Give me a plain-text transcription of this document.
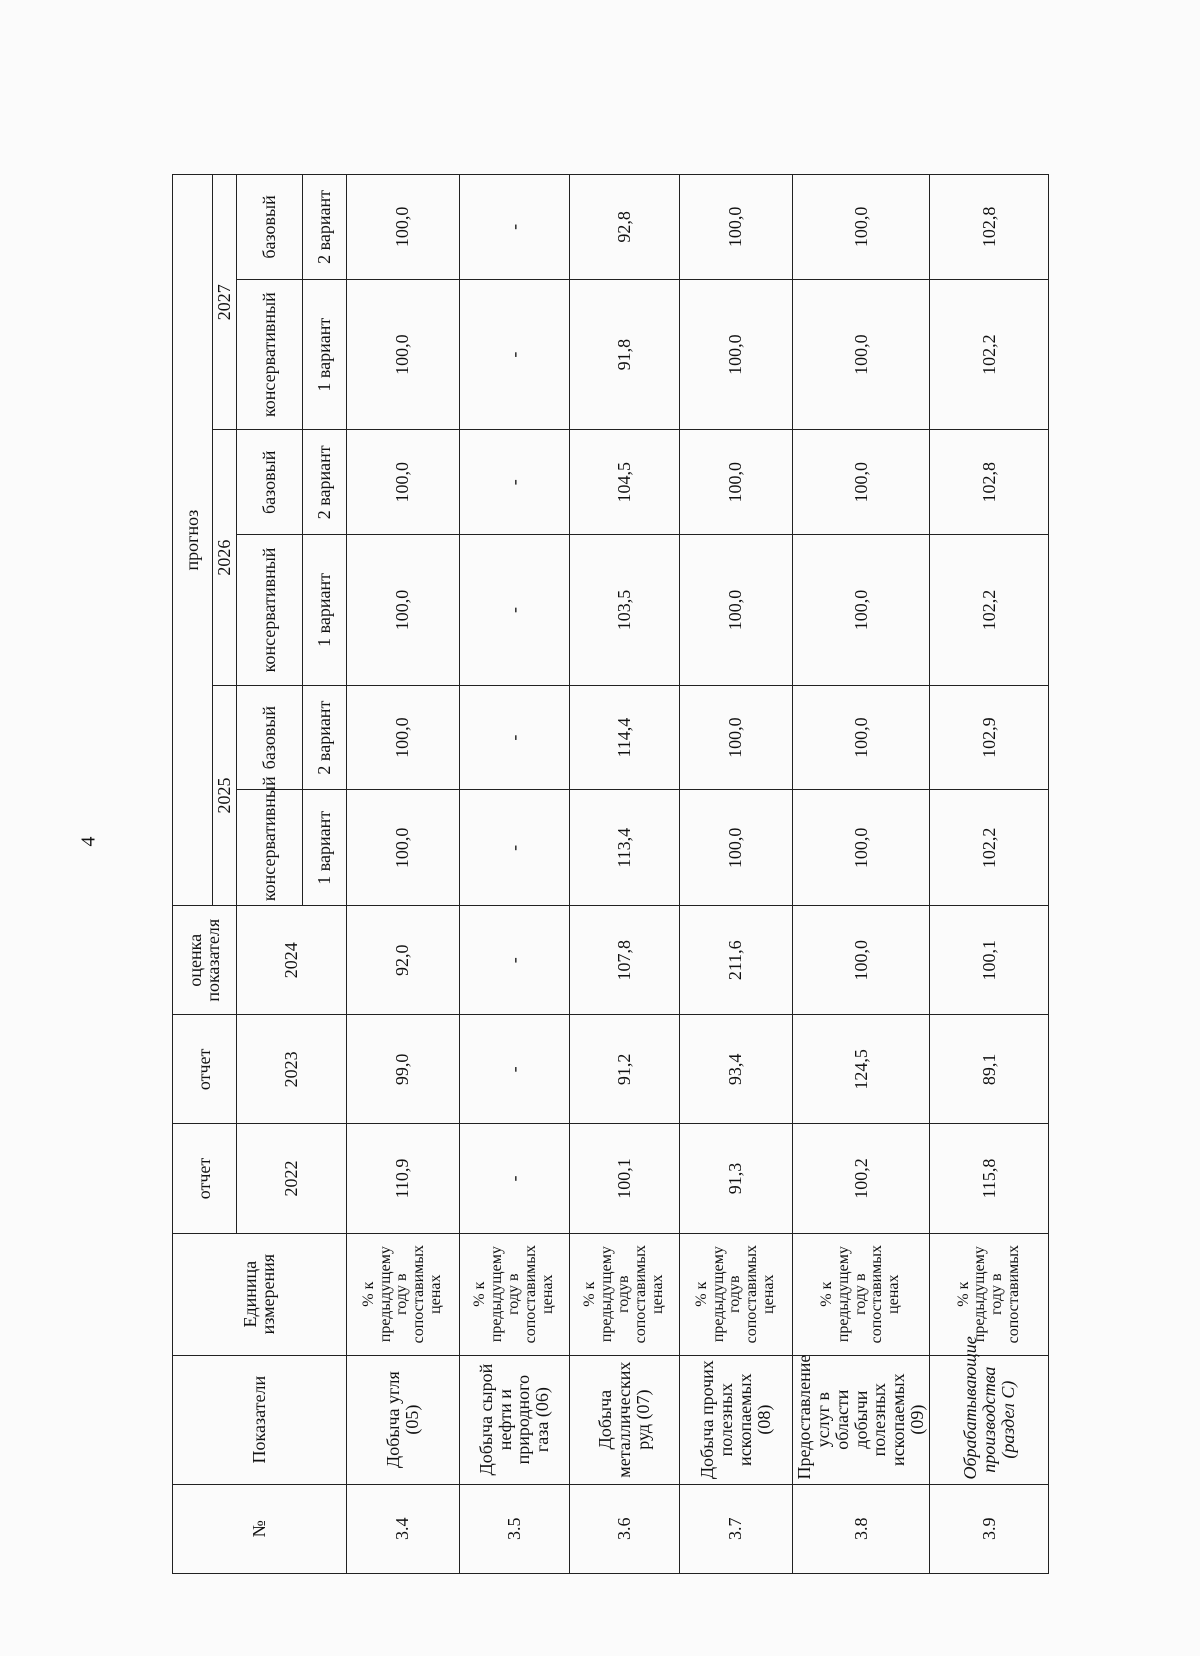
4
№	Показатели	Единица измерения	отчет	отчет	оценка показателя	прогноз					
						2025		2026		2027	
			2022	2023	2024	консервативный	базовый	консервативный	базовый	консервативный	базовый
						1 вариант	2 вариант	1 вариант	2 вариант	1 вариант	2 вариант
3.4	Добыча угля (05)	% к предыдущему году в сопоставимых ценах	110,9	99,0	92,0	100,0	100,0	100,0	100,0	100,0	100,0
3.5	Добыча сырой нефти и природного газа (06)	% к предыдущему году в сопоставимых ценах	-	-	-	-	-	-	-	-	-
3.6	Добыча металлических руд (07)	% к предыдущему годув сопоставимых ценах	100,1	91,2	107,8	113,4	114,4	103,5	104,5	91,8	92,8
3.7	Добыча прочих полезных ископаемых (08)	% к предыдущему годув сопоставимых ценах	91,3	93,4	211,6	100,0	100,0	100,0	100,0	100,0	100,0
3.8	Предоставление услуг в области добычи полезных ископаемых (09)	% к предыдущему году в сопоставимых ценах	100,2	124,5	100,0	100,0	100,0	100,0	100,0	100,0	100,0
3.9	Обрабатывающие производства (раздел С)	% к предыдущему году в сопоставимых	115,8	89,1	100,1	102,2	102,9	102,2	102,8	102,2	102,8
